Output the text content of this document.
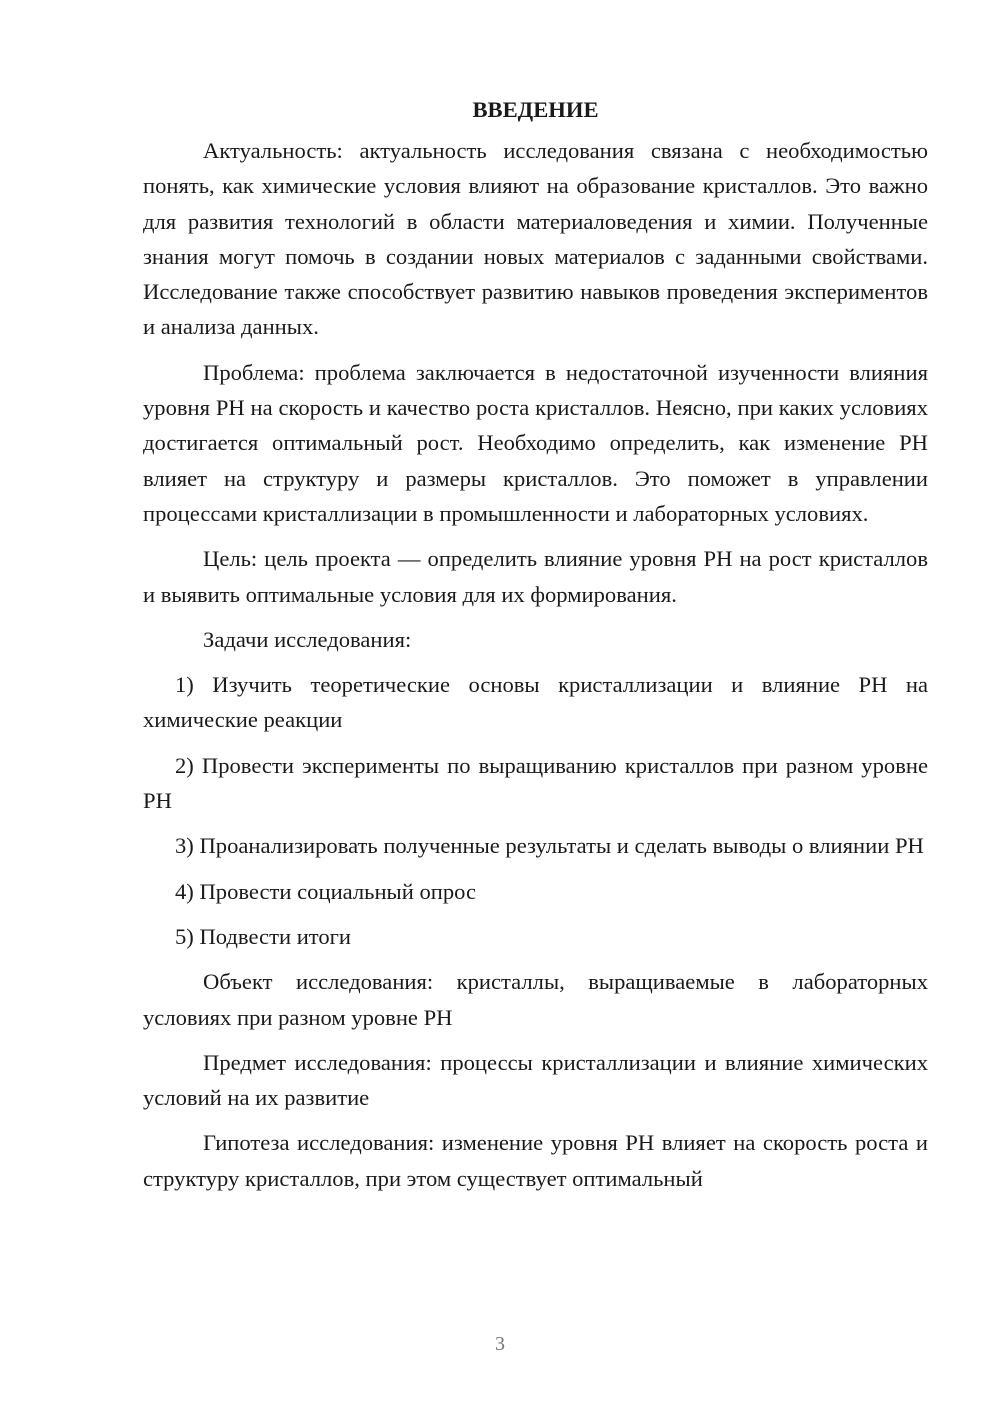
ВВЕДЕНИЕ

Актуальность: актуальность исследования связана с необходимостью понять, как химические условия влияют на образование кристаллов. Это важно для развития технологий в области материаловедения и химии. Полученные знания могут помочь в создании новых материалов с заданными свойствами. Исследование также способствует развитию навыков проведения экспериментов и анализа данных.

Проблема: проблема заключается в недостаточной изученности влияния уровня РН на скорость и качество роста кристаллов. Неясно, при каких условиях достигается оптимальный рост. Необходимо определить, как изменение РН влияет на структуру и размеры кристаллов. Это поможет в управлении процессами кристаллизации в промышленности и лабораторных условиях.

Цель: цель проекта — определить влияние уровня РН на рост кристаллов и выявить оптимальные условия для их формирования.

Задачи исследования:

1) Изучить теоретические основы кристаллизации и влияние РН на химические реакции

2) Провести эксперименты по выращиванию кристаллов при разном уровне РН

3) Проанализировать полученные результаты и сделать выводы о влиянии РН

4) Провести социальный опрос

5) Подвести итоги

Объект исследования: кристаллы, выращиваемые в лабораторных условиях при разном уровне РН

Предмет исследования: процессы кристаллизации и влияние химических условий на их развитие

Гипотеза исследования: изменение уровня РН влияет на скорость роста и структуру кристаллов, при этом существует оптимальный

3
